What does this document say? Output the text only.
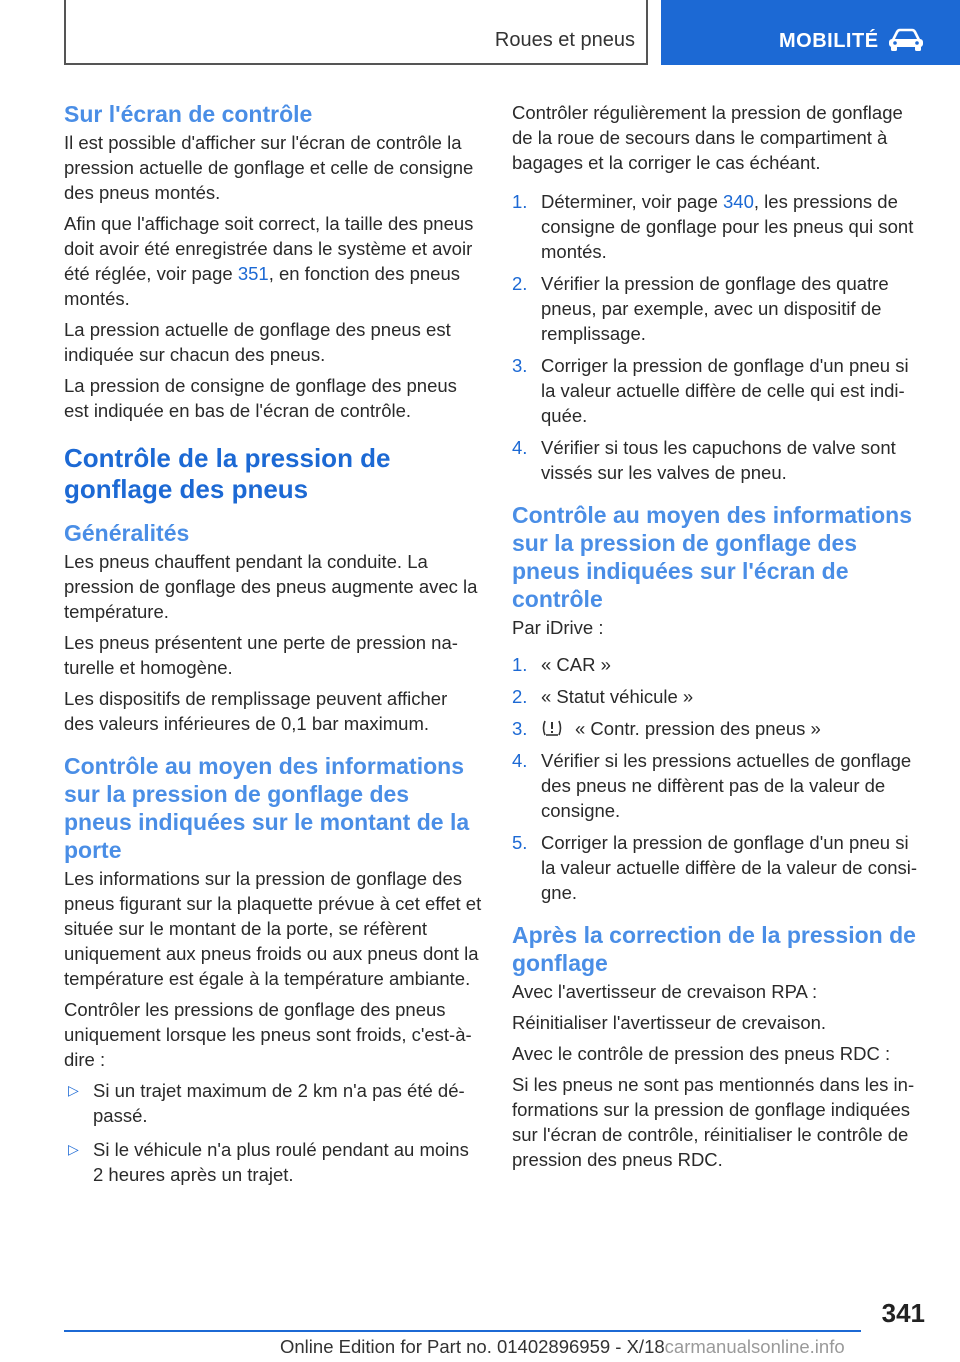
Roues et pneus	MOBILITÉ
Sur l'écran de contrôle

Il est possible d'afficher sur l'écran de contrôle la pression actuelle de gonflage et celle de consigne des pneus montés.

Afin que l'affichage soit correct, la taille des pneus doit avoir été enregistrée dans le système et avoir été réglée, voir page 351, en fonction des pneus montés.

La pression actuelle de gonflage des pneus est indiquée sur chacun des pneus.

La pression de consigne de gonflage des pneus est indiquée en bas de l'écran de contrôle.

Contrôle de la pression de gonflage des pneus
Généralités

Les pneus chauffent pendant la conduite. La pression de gonflage des pneus augmente avec la température.

Les pneus présentent une perte de pression naturelle et homogène.

Les dispositifs de remplissage peuvent afficher des valeurs inférieures de 0,1 bar maximum.

Contrôle au moyen des informations sur la pression de gonflage des pneus indiquées sur le montant de la porte

Les informations sur la pression de gonflage des pneus figurant sur la plaquette prévue à cet effet et située sur le montant de la porte, se réfèrent uniquement aux pneus froids ou aux pneus dont la température est égale à la température ambiante.

Contrôler les pressions de gonflage des pneus uniquement lorsque les pneus sont froids, c'est-à-dire :

▷ Si un trajet maximum de 2 km n'a pas été dépassé.
▷ Si le véhicule n'a plus roulé pendant au moins 2 heures après un trajet.

Contrôler régulièrement la pression de gonflage de la roue de secours dans le compartiment à bagages et la corriger le cas échéant.

1. Déterminer, voir page 340, les pressions de consigne de gonflage pour les pneus qui sont montés.
2. Vérifier la pression de gonflage des quatre pneus, par exemple, avec un dispositif de remplissage.
3. Corriger la pression de gonflage d'un pneu si la valeur actuelle diffère de celle qui est indiquée.
4. Vérifier si tous les capuchons de valve sont vissés sur les valves de pneu.
Contrôle au moyen des informations sur la pression de gonflage des pneus indiquées sur l'écran de contrôle

Par iDrive :

1. « CAR »
2. « Statut véhicule »
3.	« Contr. pression des pneus »
4. Vérifier si les pressions actuelles de gonflage des pneus ne diffèrent pas de la valeur de consigne.
5. Corriger la pression de gonflage d'un pneu si la valeur actuelle diffère de la valeur de consigne.
Après la correction de la pression de gonflage

Avec l'avertisseur de crevaison RPA :

Réinitialiser l'avertisseur de crevaison.

Avec le contrôle de pression des pneus RDC :

Si les pneus ne sont pas mentionnés dans les informations sur la pression de gonflage indiquées sur l'écran de contrôle, réinitialiser le contrôle de pression des pneus RDC.

341
Online Edition for Part no. 01402896959 - X/18carmanualsonline.info
